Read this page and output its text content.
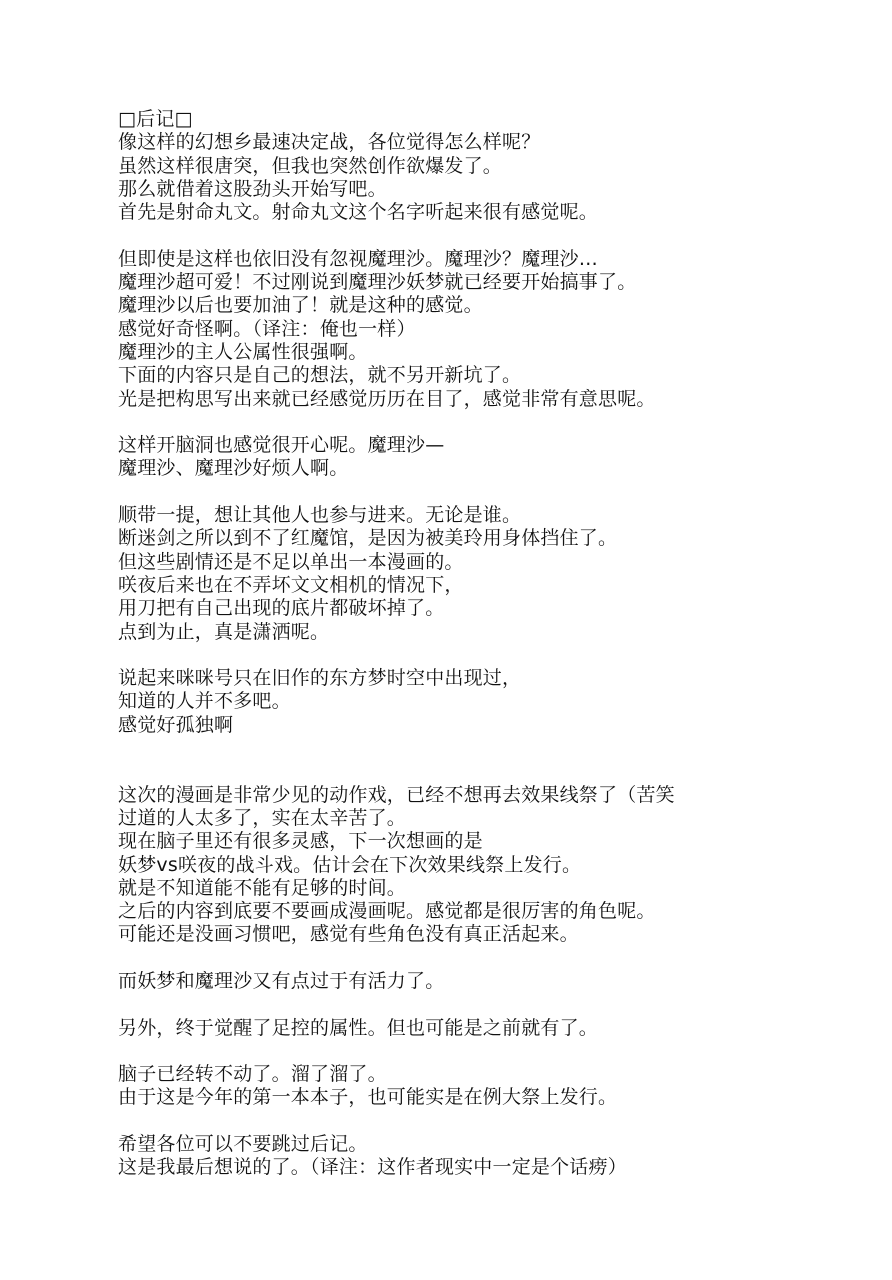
□后记□
像这样的幻想乡最速决定战，各位觉得怎么样呢？
虽然这样很唐突，但我也突然创作欲爆发了。
那么就借着这股劲头开始写吧。
首先是射命丸文。射命丸文这个名字听起来很有感觉呢。
但即使是这样也依旧没有忽视魔理沙。魔理沙？魔理沙…
魔理沙超可爱！不过刚说到魔理沙妖梦就已经要开始搞事了。
魔理沙以后也要加油了！就是这种的感觉。
感觉好奇怪啊。（译注：俺也一样）
魔理沙的主人公属性很强啊。
下面的内容只是自己的想法，就不另开新坑了。
光是把构思写出来就已经感觉历历在目了，感觉非常有意思呢。
这样开脑洞也感觉很开心呢。魔理沙—
魔理沙、魔理沙好烦人啊。
顺带一提，想让其他人也参与进来。无论是谁。
断迷剑之所以到不了红魔馆，是因为被美玲用身体挡住了。
但这些剧情还是不足以单出一本漫画的。
咲夜后来也在不弄坏文文相机的情况下，
用刀把有自己出现的底片都破坏掉了。
点到为止，真是潇洒呢。
说起来咪咪号只在旧作的东方梦时空中出现过，
知道的人并不多吧。
感觉好孤独啊
这次的漫画是非常少见的动作戏，已经不想再去效果线祭了（苦笑
过道的人太多了，实在太辛苦了。
现在脑子里还有很多灵感，下一次想画的是
妖梦vs咲夜的战斗戏。估计会在下次效果线祭上发行。
就是不知道能不能有足够的时间。
之后的内容到底要不要画成漫画呢。感觉都是很厉害的角色呢。
可能还是没画习惯吧，感觉有些角色没有真正活起来。
而妖梦和魔理沙又有点过于有活力了。
另外，终于觉醒了足控的属性。但也可能是之前就有了。
脑子已经转不动了。溜了溜了。
由于这是今年的第一本本子，也可能实是在例大祭上发行。
希望各位可以不要跳过后记。
这是我最后想说的了。（译注：这作者现实中一定是个话痨）
